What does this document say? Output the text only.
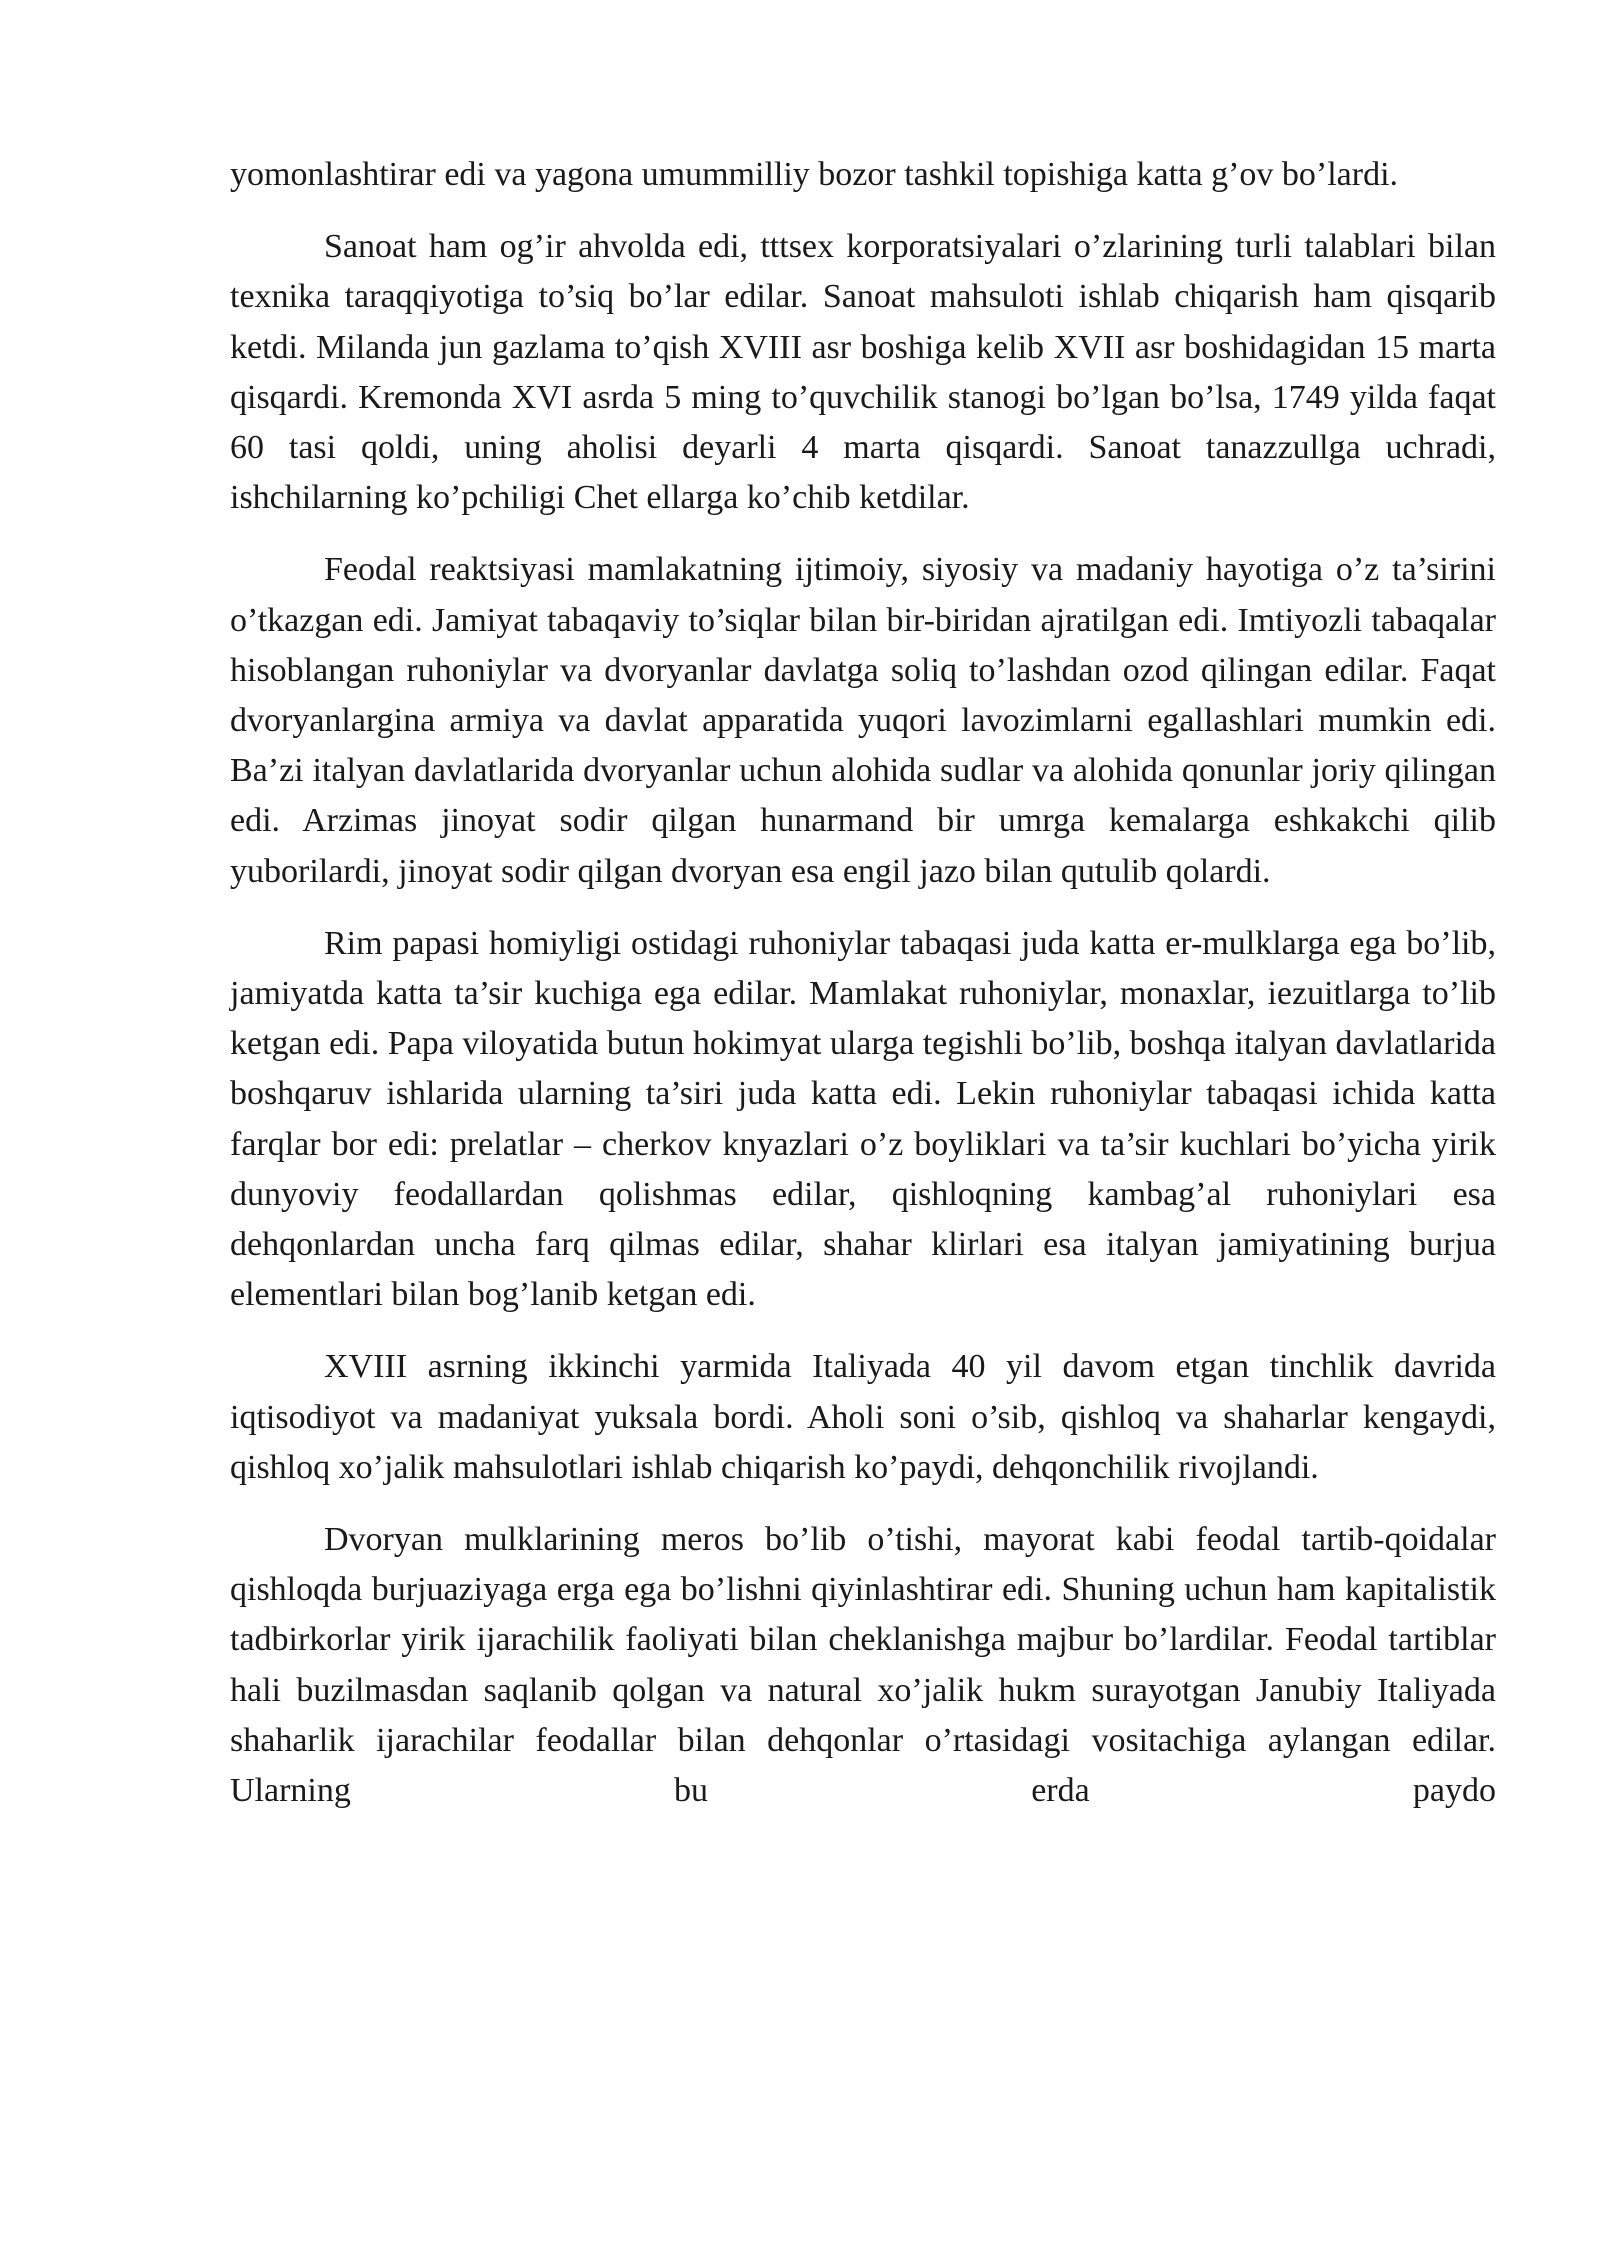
yomonlashtirar edi va yagona umummilliy bozor tashkil topishiga katta g’ov bo’lardi.

Sanoat ham og’ir ahvolda edi, tttsex korporatsiyalari o’zlarining turli talablari bilan texnika taraqqiyotiga to’siq bo’lar edilar. Sanoat mahsuloti ishlab chiqarish ham qisqarib ketdi. Milanda jun gazlama to’qish XVIII asr boshiga kelib XVII asr boshidagidan 15 marta qisqardi. Kremonda XVI asrda 5 ming to’quvchilik stanogi bo’lgan bo’lsa, 1749 yilda faqat 60 tasi qoldi, uning aholisi deyarli 4 marta qisqardi. Sanoat tanazzullga uchradi, ishchilarning ko’pchiligi Chet ellarga ko’chib ketdilar.

Feodal reaktsiyasi mamlakatning ijtimoiy, siyosiy va madaniy hayotiga o’z ta’sirini o’tkazgan edi. Jamiyat tabaqaviy to’siqlar bilan bir-biridan ajratilgan edi. Imtiyozli tabaqalar hisoblangan ruhoniylar va dvoryanlar davlatga soliq to’lashdan ozod qilingan edilar. Faqat dvoryanlargina armiya va davlat apparatida yuqori lavozimlarni egallashlari mumkin edi. Ba’zi italyan davlatlarida dvoryanlar uchun alohida sudlar va alohida qonunlar joriy qilingan edi. Arzimas jinoyat sodir qilgan hunarmand bir umrga kemalarga eshkakchi qilib yuborilardi, jinoyat sodir qilgan dvoryan esa engil jazo bilan qutulib qolardi.

Rim papasi homiyligi ostidagi ruhoniylar tabaqasi juda katta er-mulklarga ega bo’lib, jamiyatda katta ta’sir kuchiga ega edilar. Mamlakat ruhoniylar, monaxlar, iezuitlarga to’lib ketgan edi. Papa viloyatida butun hokimyat ularga tegishli bo’lib, boshqa italyan davlatlarida boshqaruv ishlarida ularning ta’siri juda katta edi. Lekin ruhoniylar tabaqasi ichida katta farqlar bor edi: prelatlar – cherkov knyazlari o’z boyliklari va ta’sir kuchlari bo’yicha yirik dunyoviy feodallardan qolishmas edilar, qishloqning kambag’al ruhoniylari esa dehqonlardan uncha farq qilmas edilar, shahar klirlari esa italyan jamiyatining burjua elementlari bilan bog’lanib ketgan edi.

XVIII asrning ikkinchi yarmida Italiyada 40 yil davom etgan tinchlik davrida iqtisodiyot va madaniyat yuksala bordi. Aholi soni o’sib, qishloq va shaharlar kengaydi, qishloq xo’jalik mahsulotlari ishlab chiqarish ko’paydi, dehqonchilik rivojlandi.

Dvoryan mulklarining meros bo’lib o’tishi, mayorat kabi feodal tartib-qoidalar qishloqda burjuaziyaga erga ega bo’lishni qiyinlashtirar edi. Shuning uchun ham kapitalistik tadbirkorlar yirik ijarachilik faoliyati bilan cheklanishga majbur bo’lardilar. Feodal tartiblar hali buzilmasdan saqlanib qolgan va natural xo’jalik hukm surayotgan Janubiy Italiyada shaharlik ijarachilar feodallar bilan dehqonlar o’rtasidagi vositachiga aylangan edilar. Ularning bu erda paydo
